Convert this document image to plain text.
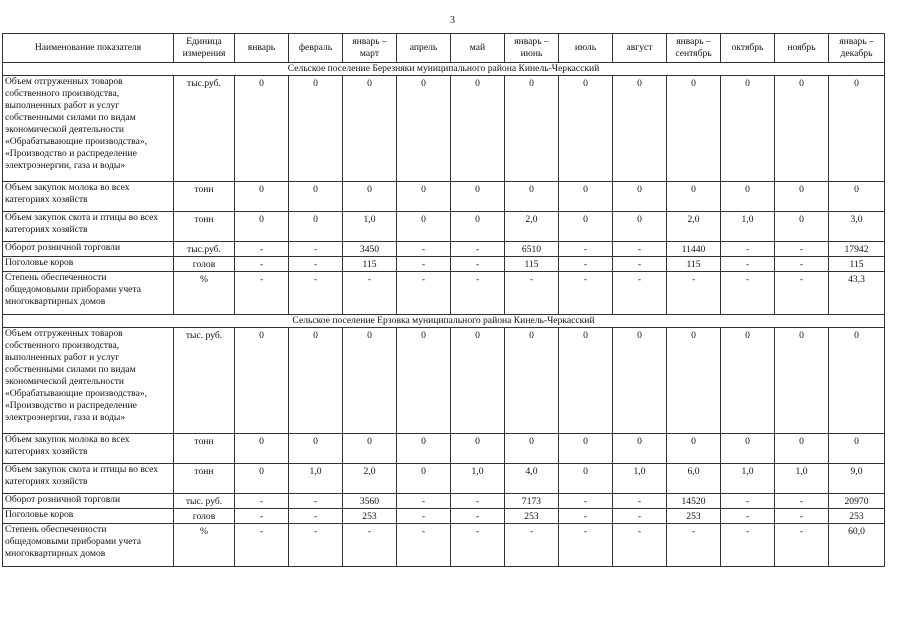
3
Наименование показателя	Единица измерения	январь	февраль	январь – март	апрель	май	январь – июнь	июль	август	январь – сентябрь	октябрь	ноябрь	январь – декабрь
Сельское поселение Березняки муниципального района Кинель-Черкасский													
Объем отгруженных товаров собственного производства, выполненных работ и услуг собственными силами по видам экономической деятельности «Обрабатывающие производства», «Производство и распределение электроэнергии, газа и воды»	тыс.руб.	0	0	0	0	0	0	0	0	0	0	0	0
Объем закупок молока во всех категориях хозяйств	тонн	0	0	0	0	0	0	0	0	0	0	0	0
Объем закупок скота и птицы во всех категориях хозяйств	тонн	0	0	1,0	0	0	2,0	0	0	2,0	1,0	0	3,0
Оборот розничной торговли	тыс.руб.	-	-	3450	-	-	6510	-	-	11440	-	-	17942
Поголовье коров	голов	-	-	115	-	-	115	-	-	115	-	-	115
Степень обеспеченности общедомовыми приборами учета многоквартирных домов	%	-	-	-	-	-	-	-	-	-	-	-	43,3
Сельское поселение Ерзовка муниципального района Кинель-Черкасский													
Объем отгруженных товаров собственного производства, выполненных работ и услуг собственными силами по видам экономической деятельности «Обрабатывающие производства», «Производство и распределение электроэнергии, газа и воды»	тыс. руб.	0	0	0	0	0	0	0	0	0	0	0	0
Объем закупок молока во всех категориях хозяйств	тонн	0	0	0	0	0	0	0	0	0	0	0	0
Объем закупок скота и птицы во всех категориях хозяйств	тонн	0	1,0	2,0	0	1,0	4,0	0	1,0	6,0	1,0	1,0	9,0
Оборот розничной торговли	тыс. руб.	-	-	3560	-	-	7173	-	-	14520	-	-	20970
Поголовье коров	голов	-	-	253	-	-	253	-	-	253	-	-	253
Степень обеспеченности общедомовыми приборами учета многоквартирных домов	%	-	-	-	-	-	-	-	-	-	-	-	60,0
